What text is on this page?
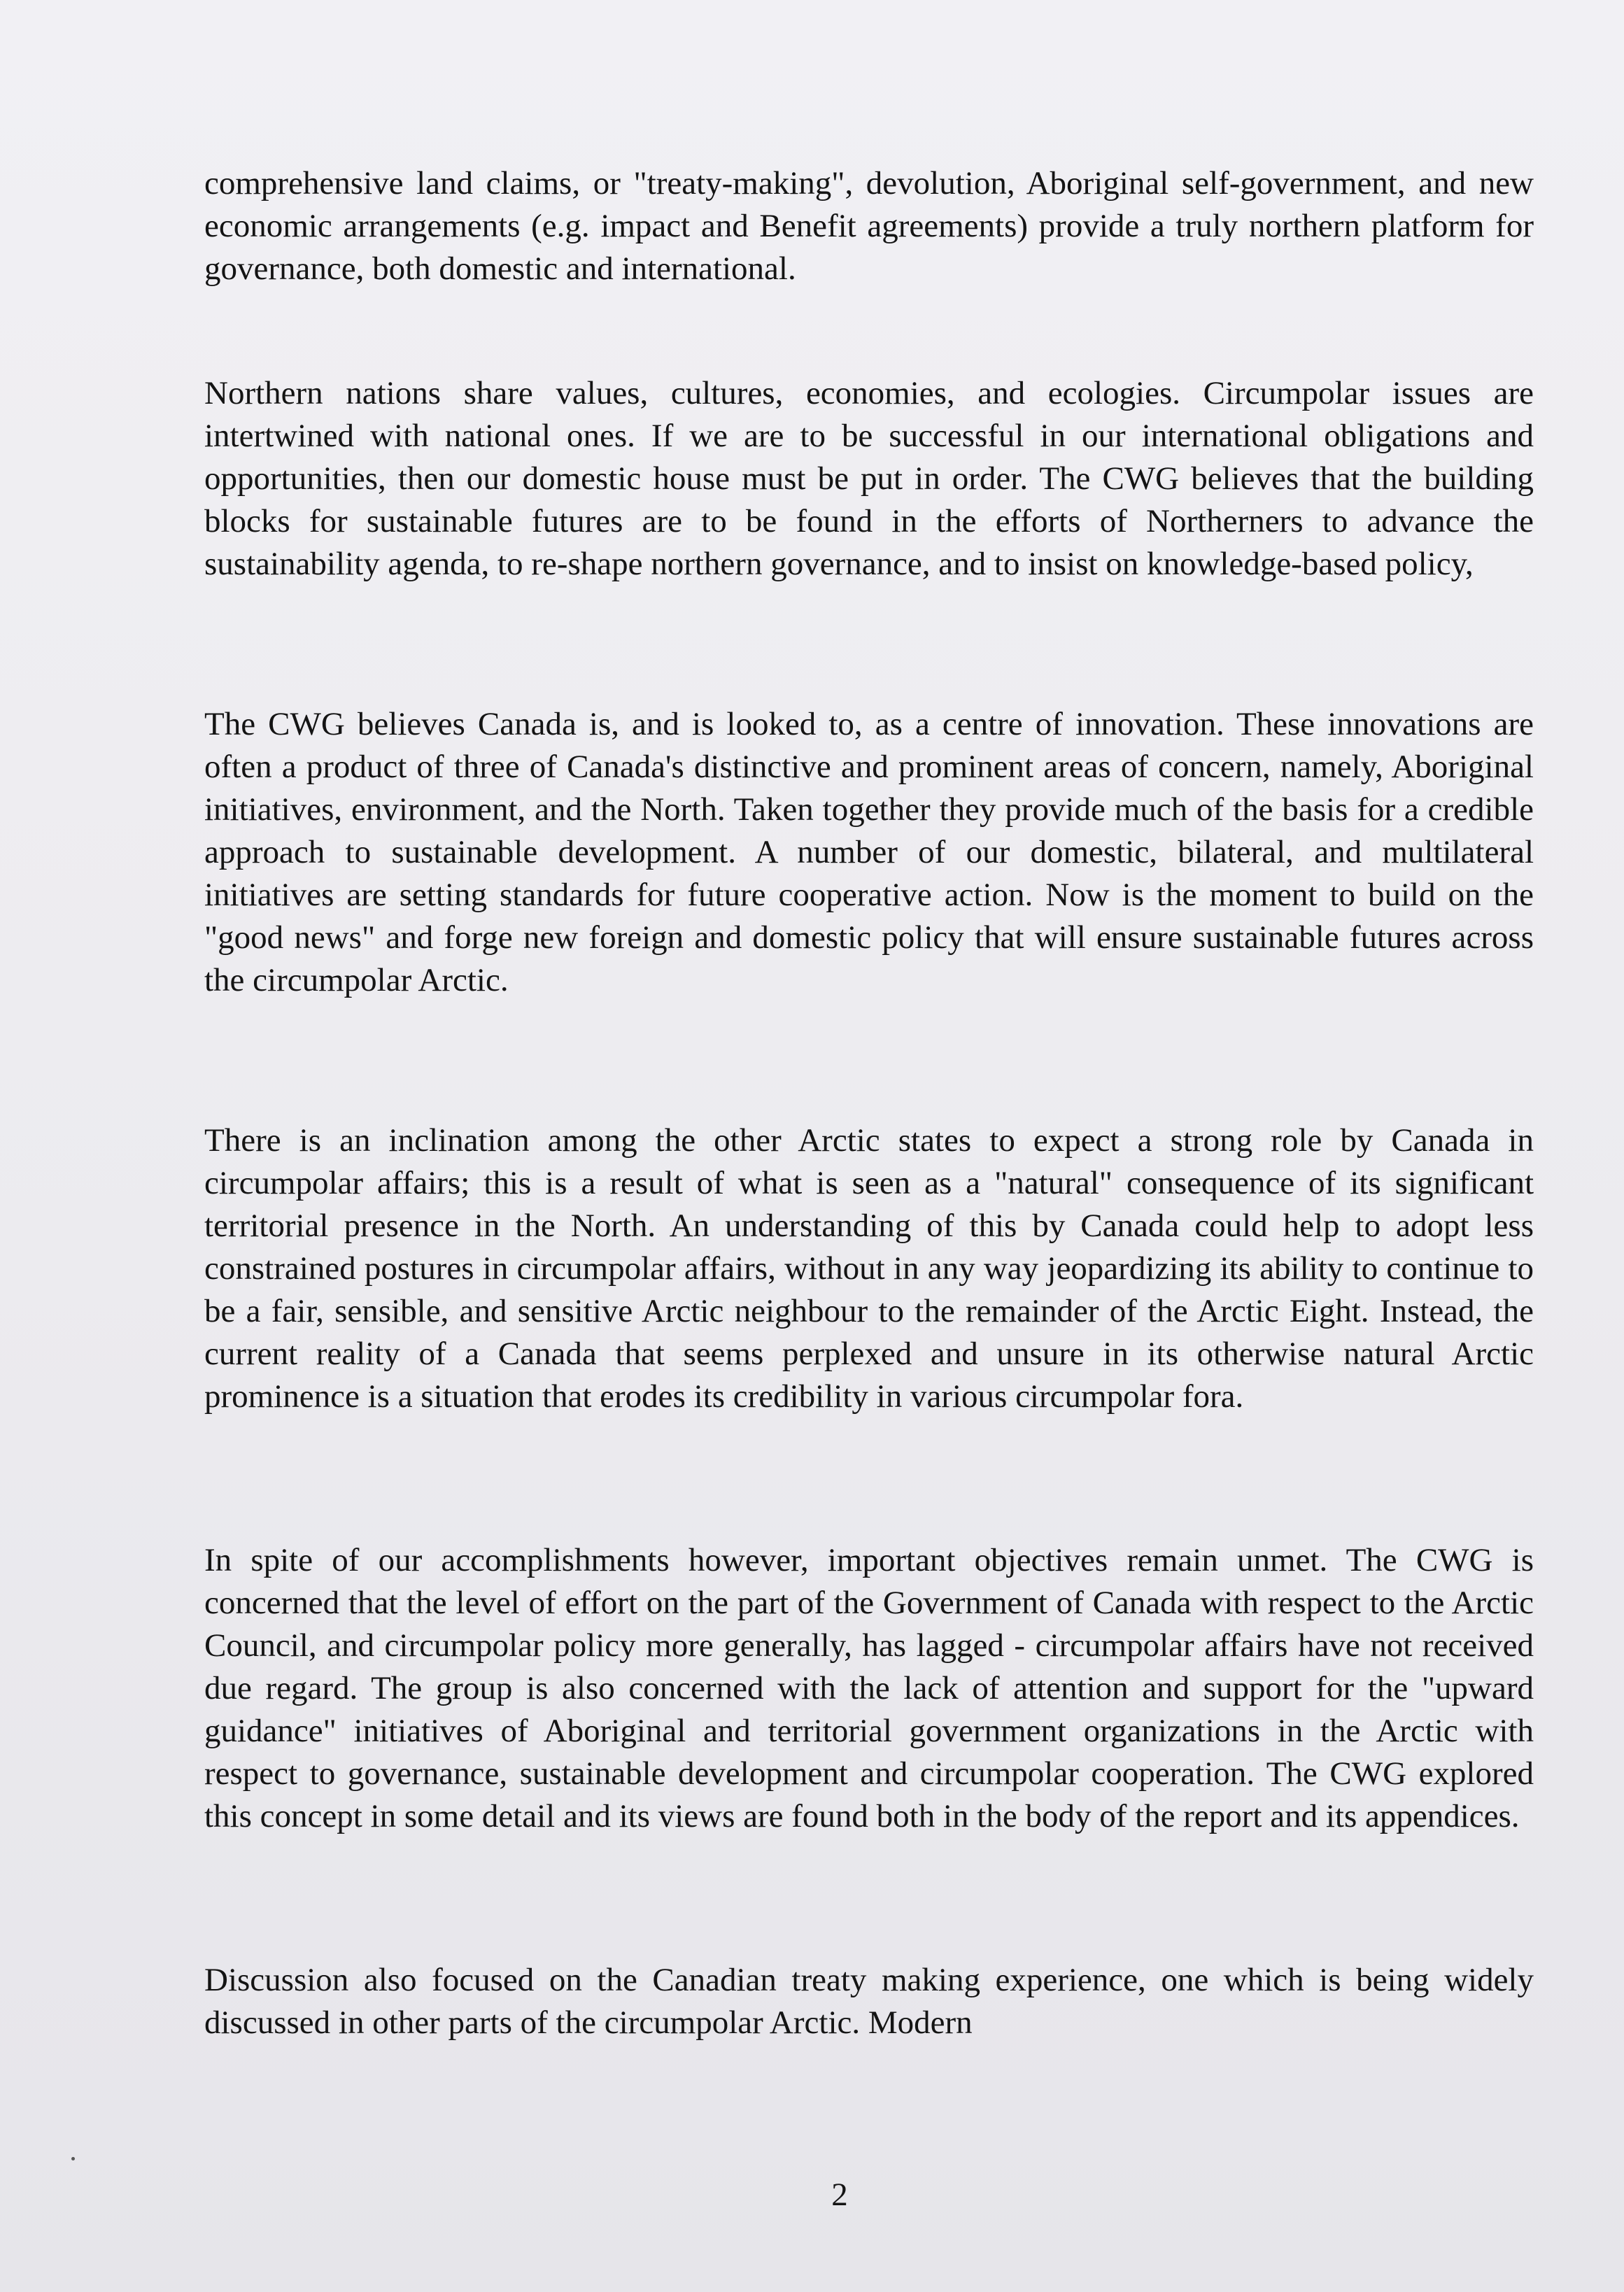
comprehensive land claims, or "treaty-making", devolution, Aboriginal self-government, and new economic arrangements (e.g. impact and Benefit agreements) provide a truly northern platform for governance, both domestic and international.

Northern nations share values, cultures, economies, and ecologies. Circumpolar issues are intertwined with national ones. If we are to be successful in our international obligations and opportunities, then our domestic house must be put in order. The CWG believes that the building blocks for sustainable futures are to be found in the efforts of Northerners to advance the sustainability agenda, to re-shape northern governance, and to insist on knowledge-based policy,

The CWG believes Canada is, and is looked to, as a centre of innovation. These innovations are often a product of three of Canada's distinctive and prominent areas of concern, namely, Aboriginal initiatives, environment, and the North. Taken together they provide much of the basis for a credible approach to sustainable development. A number of our domestic, bilateral, and multilateral initiatives are setting standards for future cooperative action. Now is the moment to build on the "good news" and forge new foreign and domestic policy that will ensure sustainable futures across the circumpolar Arctic.

There is an inclination among the other Arctic states to expect a strong role by Canada in circumpolar affairs; this is a result of what is seen as a "natural" consequence of its significant territorial presence in the North. An understanding of this by Canada could help to adopt less constrained postures in circumpolar affairs, without in any way jeopardizing its ability to continue to be a fair, sensible, and sensitive Arctic neighbour to the remainder of the Arctic Eight. Instead, the current reality of a Canada that seems perplexed and unsure in its otherwise natural Arctic prominence is a situation that erodes its credibility in various circumpolar fora.

In spite of our accomplishments however, important objectives remain unmet. The CWG is concerned that the level of effort on the part of the Government of Canada with respect to the Arctic Council, and circumpolar policy more generally, has lagged - circumpolar affairs have not received due regard. The group is also concerned with the lack of attention and support for the "upward guidance" initiatives of Aboriginal and territorial government organizations in the Arctic with respect to governance, sustainable development and circumpolar cooperation. The CWG explored this concept in some detail and its views are found both in the body of the report and its appendices.

Discussion also focused on the Canadian treaty making experience, one which is being widely discussed in other parts of the circumpolar Arctic. Modern

2
